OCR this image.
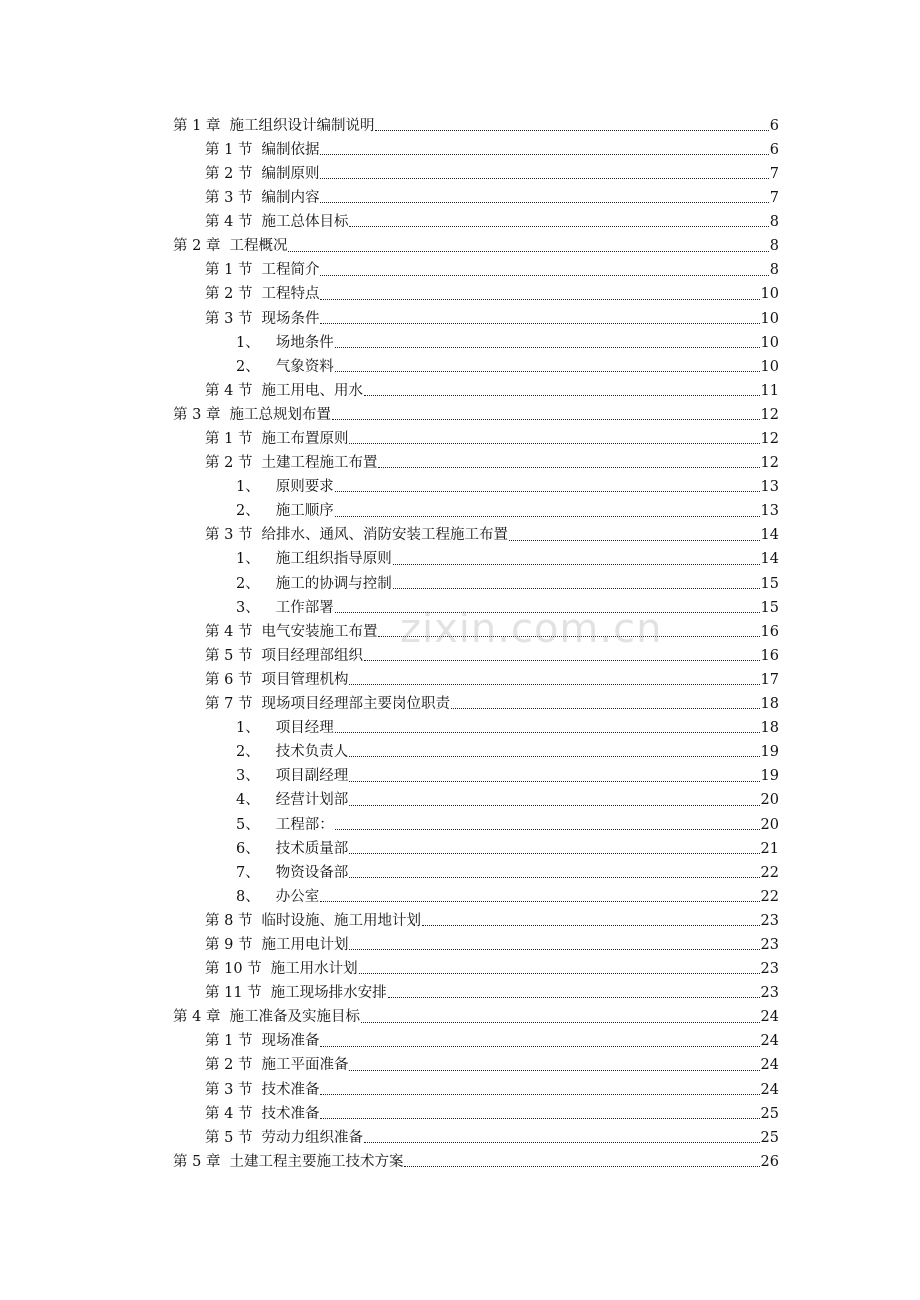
第 1 章 施工组织设计编制说明	6
第 1 节 编制依据	6
第 2 节 编制原则	7
第 3 节 编制内容	7
第 4 节 施工总体目标	8
第 2 章 工程概况	8
第 1 节 工程简介	8
第 2 节 工程特点	10
第 3 节 现场条件	10
1、 场地条件	10
2、 气象资料	10
第 4 节 施工用电、用水	11
第 3 章 施工总规划布置	12
第 1 节 施工布置原则	12
第 2 节 土建工程施工布置	12
1、 原则要求	13
2、 施工顺序	13
第 3 节 给排水、通风、消防安装工程施工布置	14
1、 施工组织指导原则	14
2、 施工的协调与控制	15
3、 工作部署	15
第 4 节 电气安装施工布置	16
第 5 节 项目经理部组织	16
第 6 节 项目管理机构	17
第 7 节 现场项目经理部主要岗位职责	18
1、 项目经理	18
2、 技术负责人	19
3、 项目副经理	19
4、 经营计划部	20
5、 工程部：	20
6、 技术质量部	21
7、 物资设备部	22
8、 办公室	22
第 8 节 临时设施、施工用地计划	23
第 9 节 施工用电计划	23
第 10 节 施工用水计划	23
第 11 节 施工现场排水安排	23
第 4 章 施工准备及实施目标	24
第 1 节 现场准备	24
第 2 节 施工平面准备	24
第 3 节 技术准备	24
第 4 节 技术准备	25
第 5 节 劳动力组织准备	25
第 5 章 土建工程主要施工技术方案	26
zixin.com.cn
